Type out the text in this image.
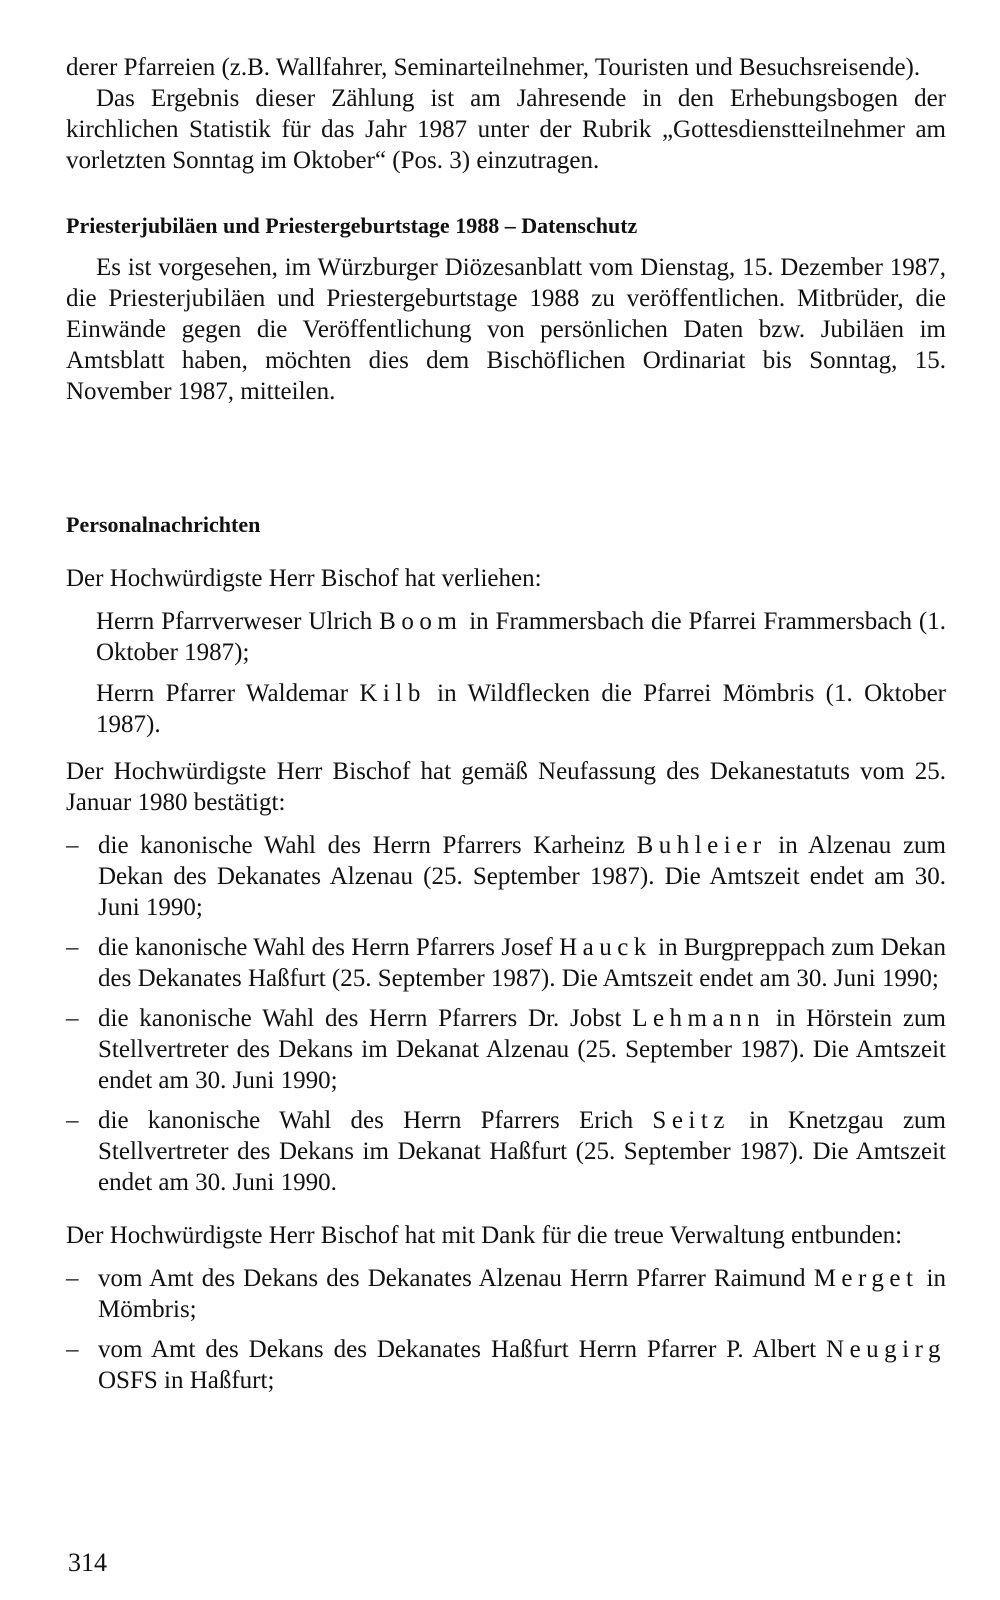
derer Pfarreien (z.B. Wallfahrer, Seminarteilnehmer, Touristen und Besuchsreisende).

Das Ergebnis dieser Zählung ist am Jahresende in den Erhebungsbogen der kirchlichen Statistik für das Jahr 1987 unter der Rubrik „Gottesdienstteilnehmer am vorletzten Sonntag im Oktober“ (Pos. 3) einzutragen.

Priesterjubiläen und Priestergeburtstage 1988 – Datenschutz

Es ist vorgesehen, im Würzburger Diözesanblatt vom Dienstag, 15. Dezember 1987, die Priesterjubiläen und Priestergeburtstage 1988 zu veröffentlichen. Mitbrüder, die Einwände gegen die Veröffentlichung von persönlichen Daten bzw. Jubiläen im Amtsblatt haben, möchten dies dem Bischöflichen Ordinariat bis Sonntag, 15. November 1987, mitteilen.

Personalnachrichten

Der Hochwürdigste Herr Bischof hat verliehen:

Herrn Pfarrverweser Ulrich Boom in Frammersbach die Pfarrei Frammersbach (1. Oktober 1987);

Herrn Pfarrer Waldemar Kilb in Wildflecken die Pfarrei Mömbris (1. Oktober 1987).

Der Hochwürdigste Herr Bischof hat gemäß Neufassung des Dekanestatuts vom 25. Januar 1980 bestätigt:

– die kanonische Wahl des Herrn Pfarrers Karheinz Buhleier in Alzenau zum Dekan des Dekanates Alzenau (25. September 1987). Die Amtszeit endet am 30. Juni 1990;
– die kanonische Wahl des Herrn Pfarrers Josef Hauck in Burgpreppach zum Dekan des Dekanates Haßfurt (25. September 1987). Die Amtszeit endet am 30. Juni 1990;
– die kanonische Wahl des Herrn Pfarrers Dr. Jobst Lehmann in Hörstein zum Stellvertreter des Dekans im Dekanat Alzenau (25. September 1987). Die Amtszeit endet am 30. Juni 1990;
– die kanonische Wahl des Herrn Pfarrers Erich Seitz in Knetzgau zum Stellvertreter des Dekans im Dekanat Haßfurt (25. September 1987). Die Amtszeit endet am 30. Juni 1990.

Der Hochwürdigste Herr Bischof hat mit Dank für die treue Verwaltung entbunden:

– vom Amt des Dekans des Dekanates Alzenau Herrn Pfarrer Raimund Merget in Mömbris;
– vom Amt des Dekans des Dekanates Haßfurt Herrn Pfarrer P. Albert Neugirg OSFS in Haßfurt;
314
